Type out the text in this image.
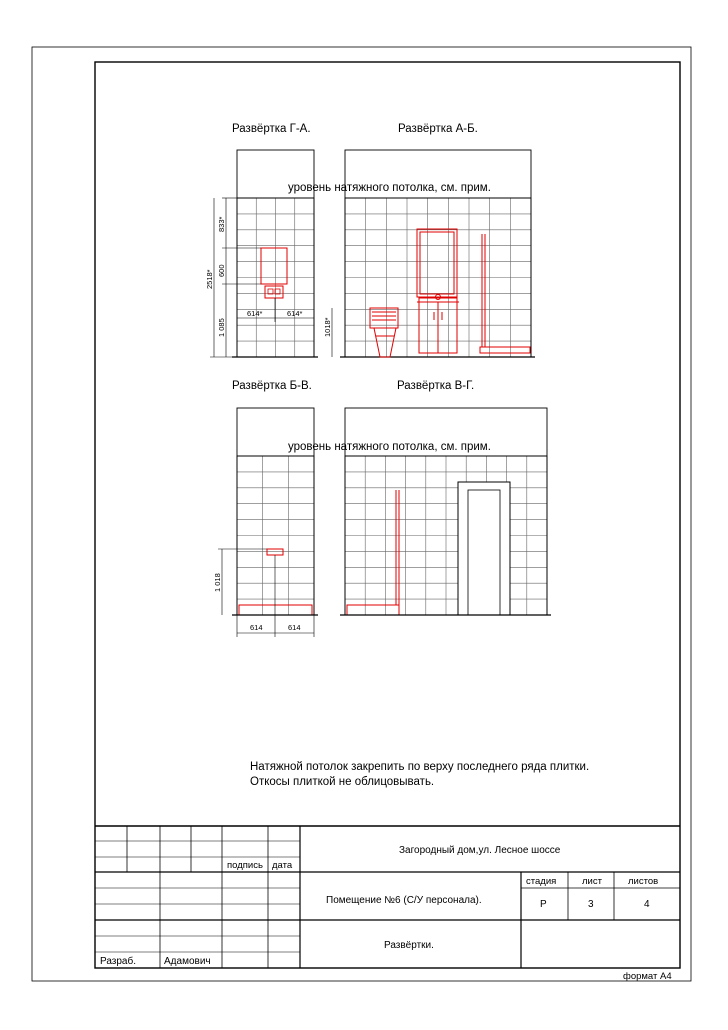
Развёртка Г-А.
614*	614*
833*
600
1 085
2518*
Развёртка А-Б.
1018*
уровень натяжного потолка, см. прим.
Развёртка Б-В.
1 018
614	614
Развёртка В-Г.
уровень натяжного потолка, см. прим.
Натяжной потолок закрепить по верху последнего ряда плитки.
Откосы плиткой не облицовывать.
подпись дата
Загородный дом,ул. Лесное шоссе
стадия	лист	листов
Помещение №6 (С/У персонала).	Р	3	4
Развёртки.
Разраб.	Адамович
формат А4
